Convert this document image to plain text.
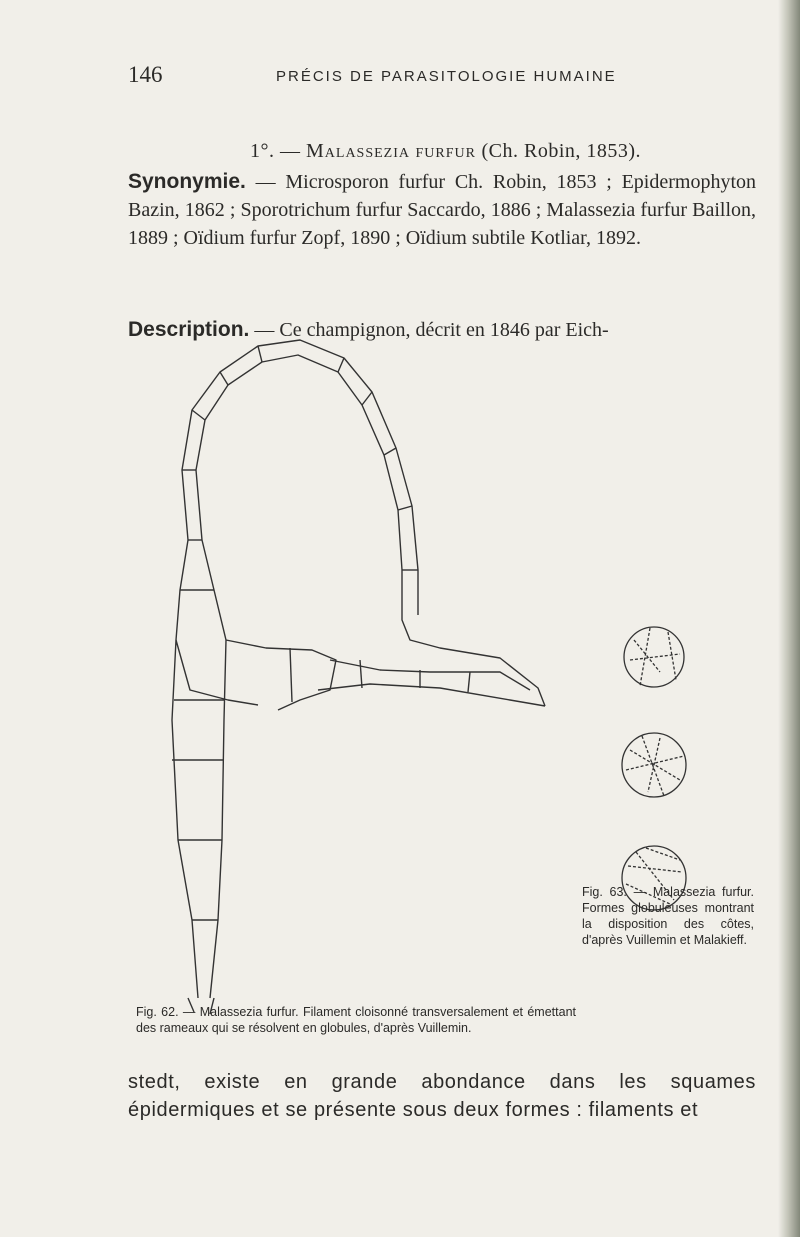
146	PRÉCIS DE PARASITOLOGIE HUMAINE
1°. — Malassezia furfur (Ch. Robin, 1853).
Synonymie. — Microsporon furfur Ch. Robin, 1853 ; Epidermophyton Bazin, 1862 ; Sporotrichum furfur Saccardo, 1886 ; Malassezia furfur Baillon, 1889 ; Oïdium furfur Zopf, 1890 ; Oïdium subtile Kotliar, 1892.
Description. — Ce champignon, décrit en 1846 par Eich-
Fig. 62. — Malassezia furfur. Filament cloisonné transversalement et émettant des rameaux qui se résolvent en globules, d'après Vuillemin.
Fig. 63. — Malassezia furfur. Formes globuleuses montrant la disposition des côtes, d'après Vuillemin et Malakieff.
stedt, existe en grande abondance dans les squames épidermiques et se présente sous deux formes : filaments et
